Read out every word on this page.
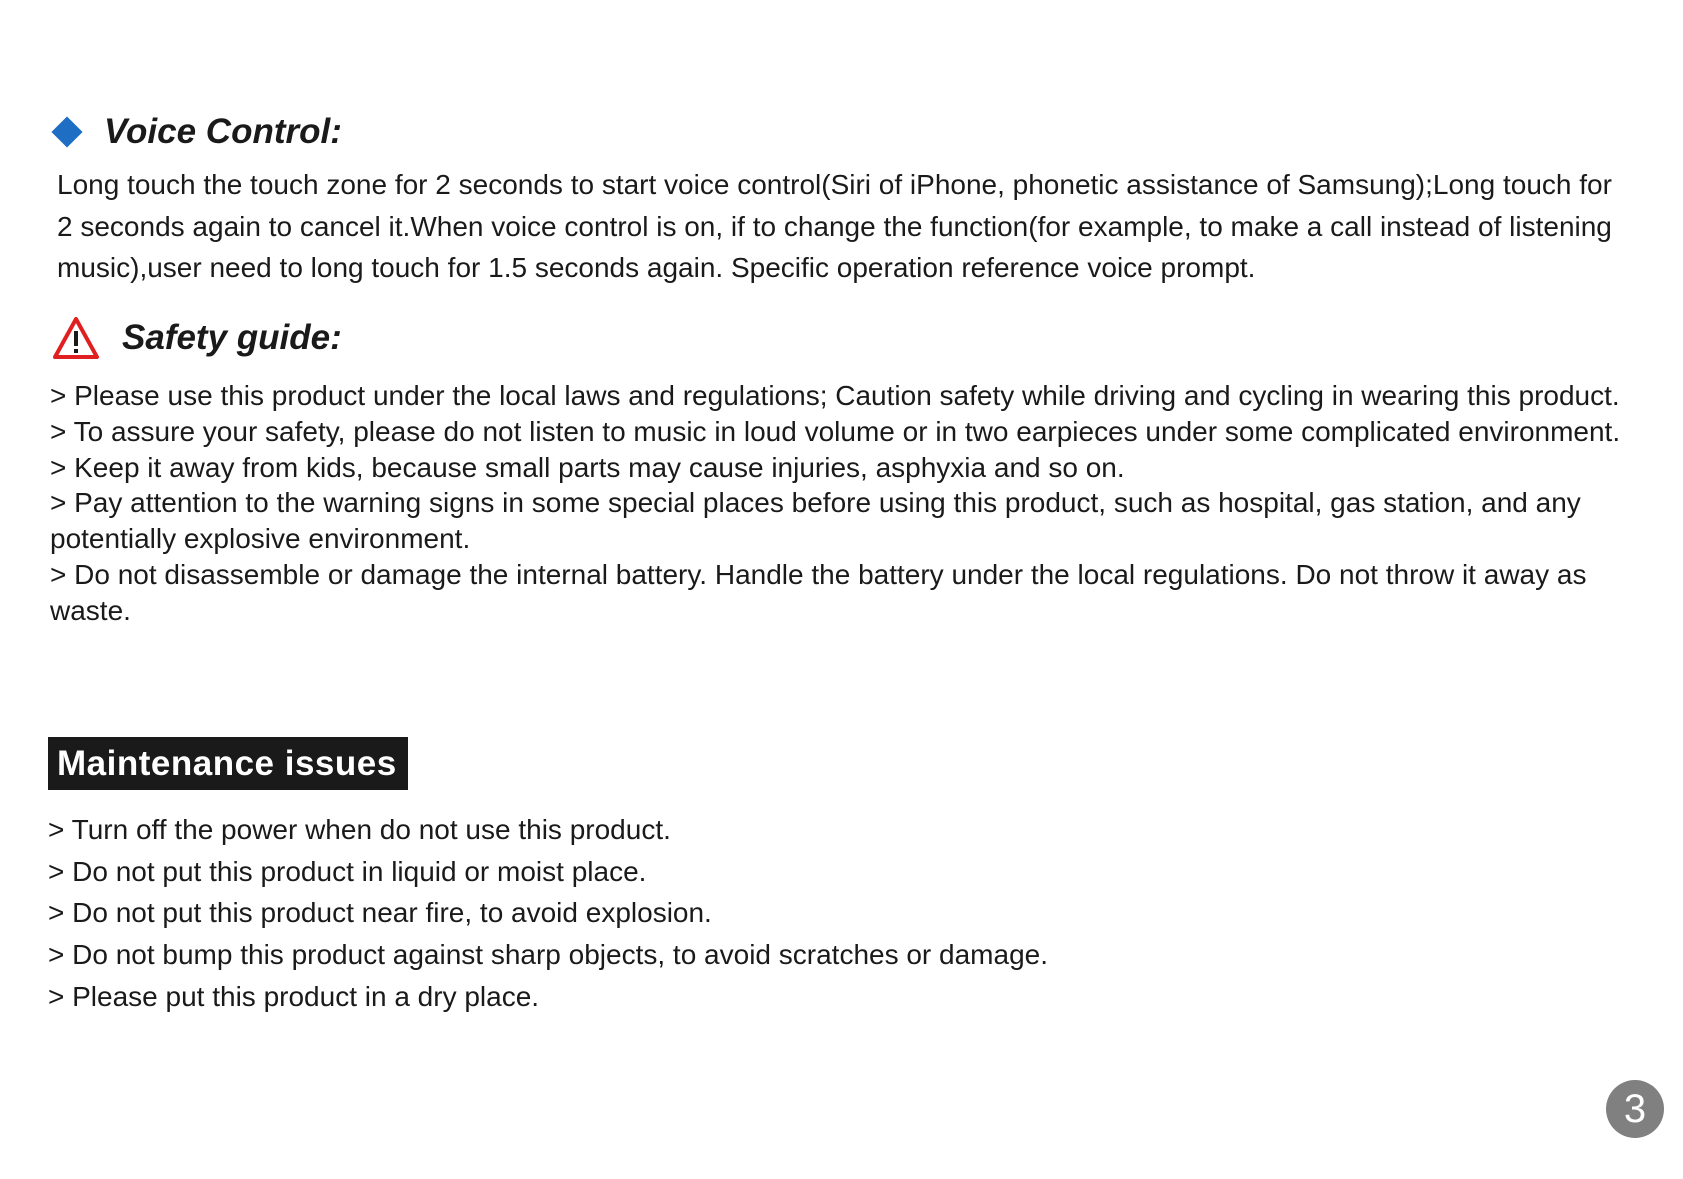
Voice Control:

Long touch the touch zone for 2 seconds to start voice control(Siri of iPhone, phonetic assistance of Samsung);Long touch for 2 seconds again to cancel it.When voice control is on, if to change the function(for example, to make a call instead of listening music),user need to long touch for 1.5 seconds again. Specific operation reference voice prompt.

Safety guide:
> Please use this product under the local laws and regulations; Caution safety while driving and cycling in wearing this product.
> To assure your safety, please do not listen to music in loud volume or in two earpieces under some complicated environment.
> Keep it away from kids, because small parts may cause injuries, asphyxia and so on.
> Pay attention to the warning signs in some special places before using this product, such as hospital, gas station, and any potentially explosive environment.
> Do not disassemble or damage the internal battery. Handle the battery under the local regulations. Do not throw it away as waste.
Maintenance issues
> Turn off the power when do not use this product.
> Do not put this product in liquid or moist place.
> Do not put this product near fire, to avoid explosion.
> Do not bump this product against sharp objects, to avoid scratches or damage.
> Please put this product in a dry place.
3
